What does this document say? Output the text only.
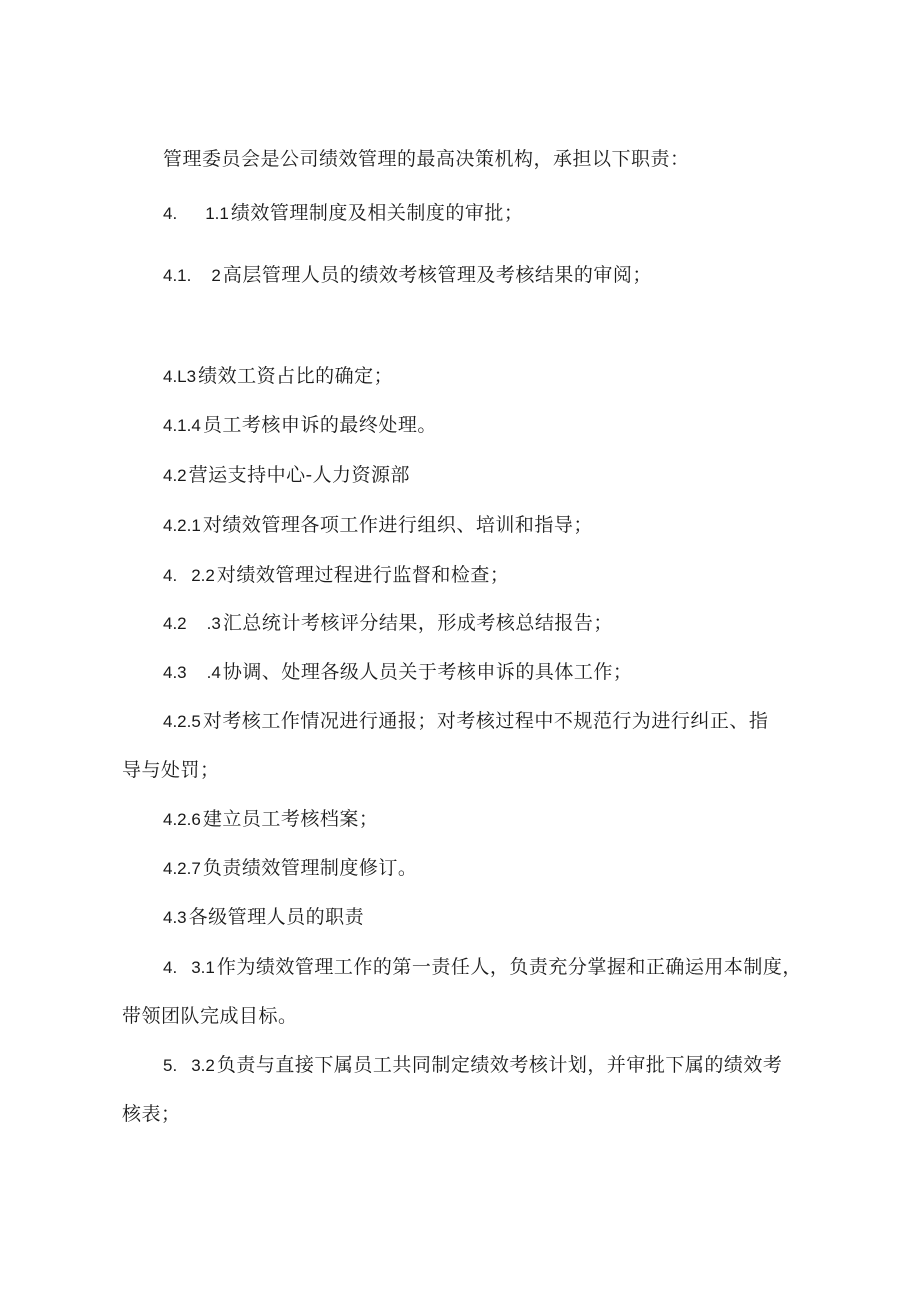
管理委员会是公司绩效管理的最高决策机构，承担以下职责：
4. 1.1 绩效管理制度及相关制度的审批；
4.1. 2 高层管理人员的绩效考核管理及考核结果的审阅；
4.L3 绩效工资占比的确定；
4.1.4 员工考核申诉的最终处理。
4.2 营运支持中心-人力资源部
4.2.1 对绩效管理各项工作进行组织、培训和指导；
4. 2.2 对绩效管理过程进行监督和检查；
4.2 .3 汇总统计考核评分结果，形成考核总结报告；
4.3 .4 协调、处理各级人员关于考核申诉的具体工作；
4.2.5 对考核工作情况进行通报；对考核过程中不规范行为进行纠正、指
导与处罚；
4.2.6 建立员工考核档案；
4.2.7 负责绩效管理制度修订。
4.3 各级管理人员的职责
4. 3.1 作为绩效管理工作的第一责任人，负责充分掌握和正确运用本制度，
带领团队完成目标。
5. 3.2 负责与直接下属员工共同制定绩效考核计划，并审批下属的绩效考
核表；
